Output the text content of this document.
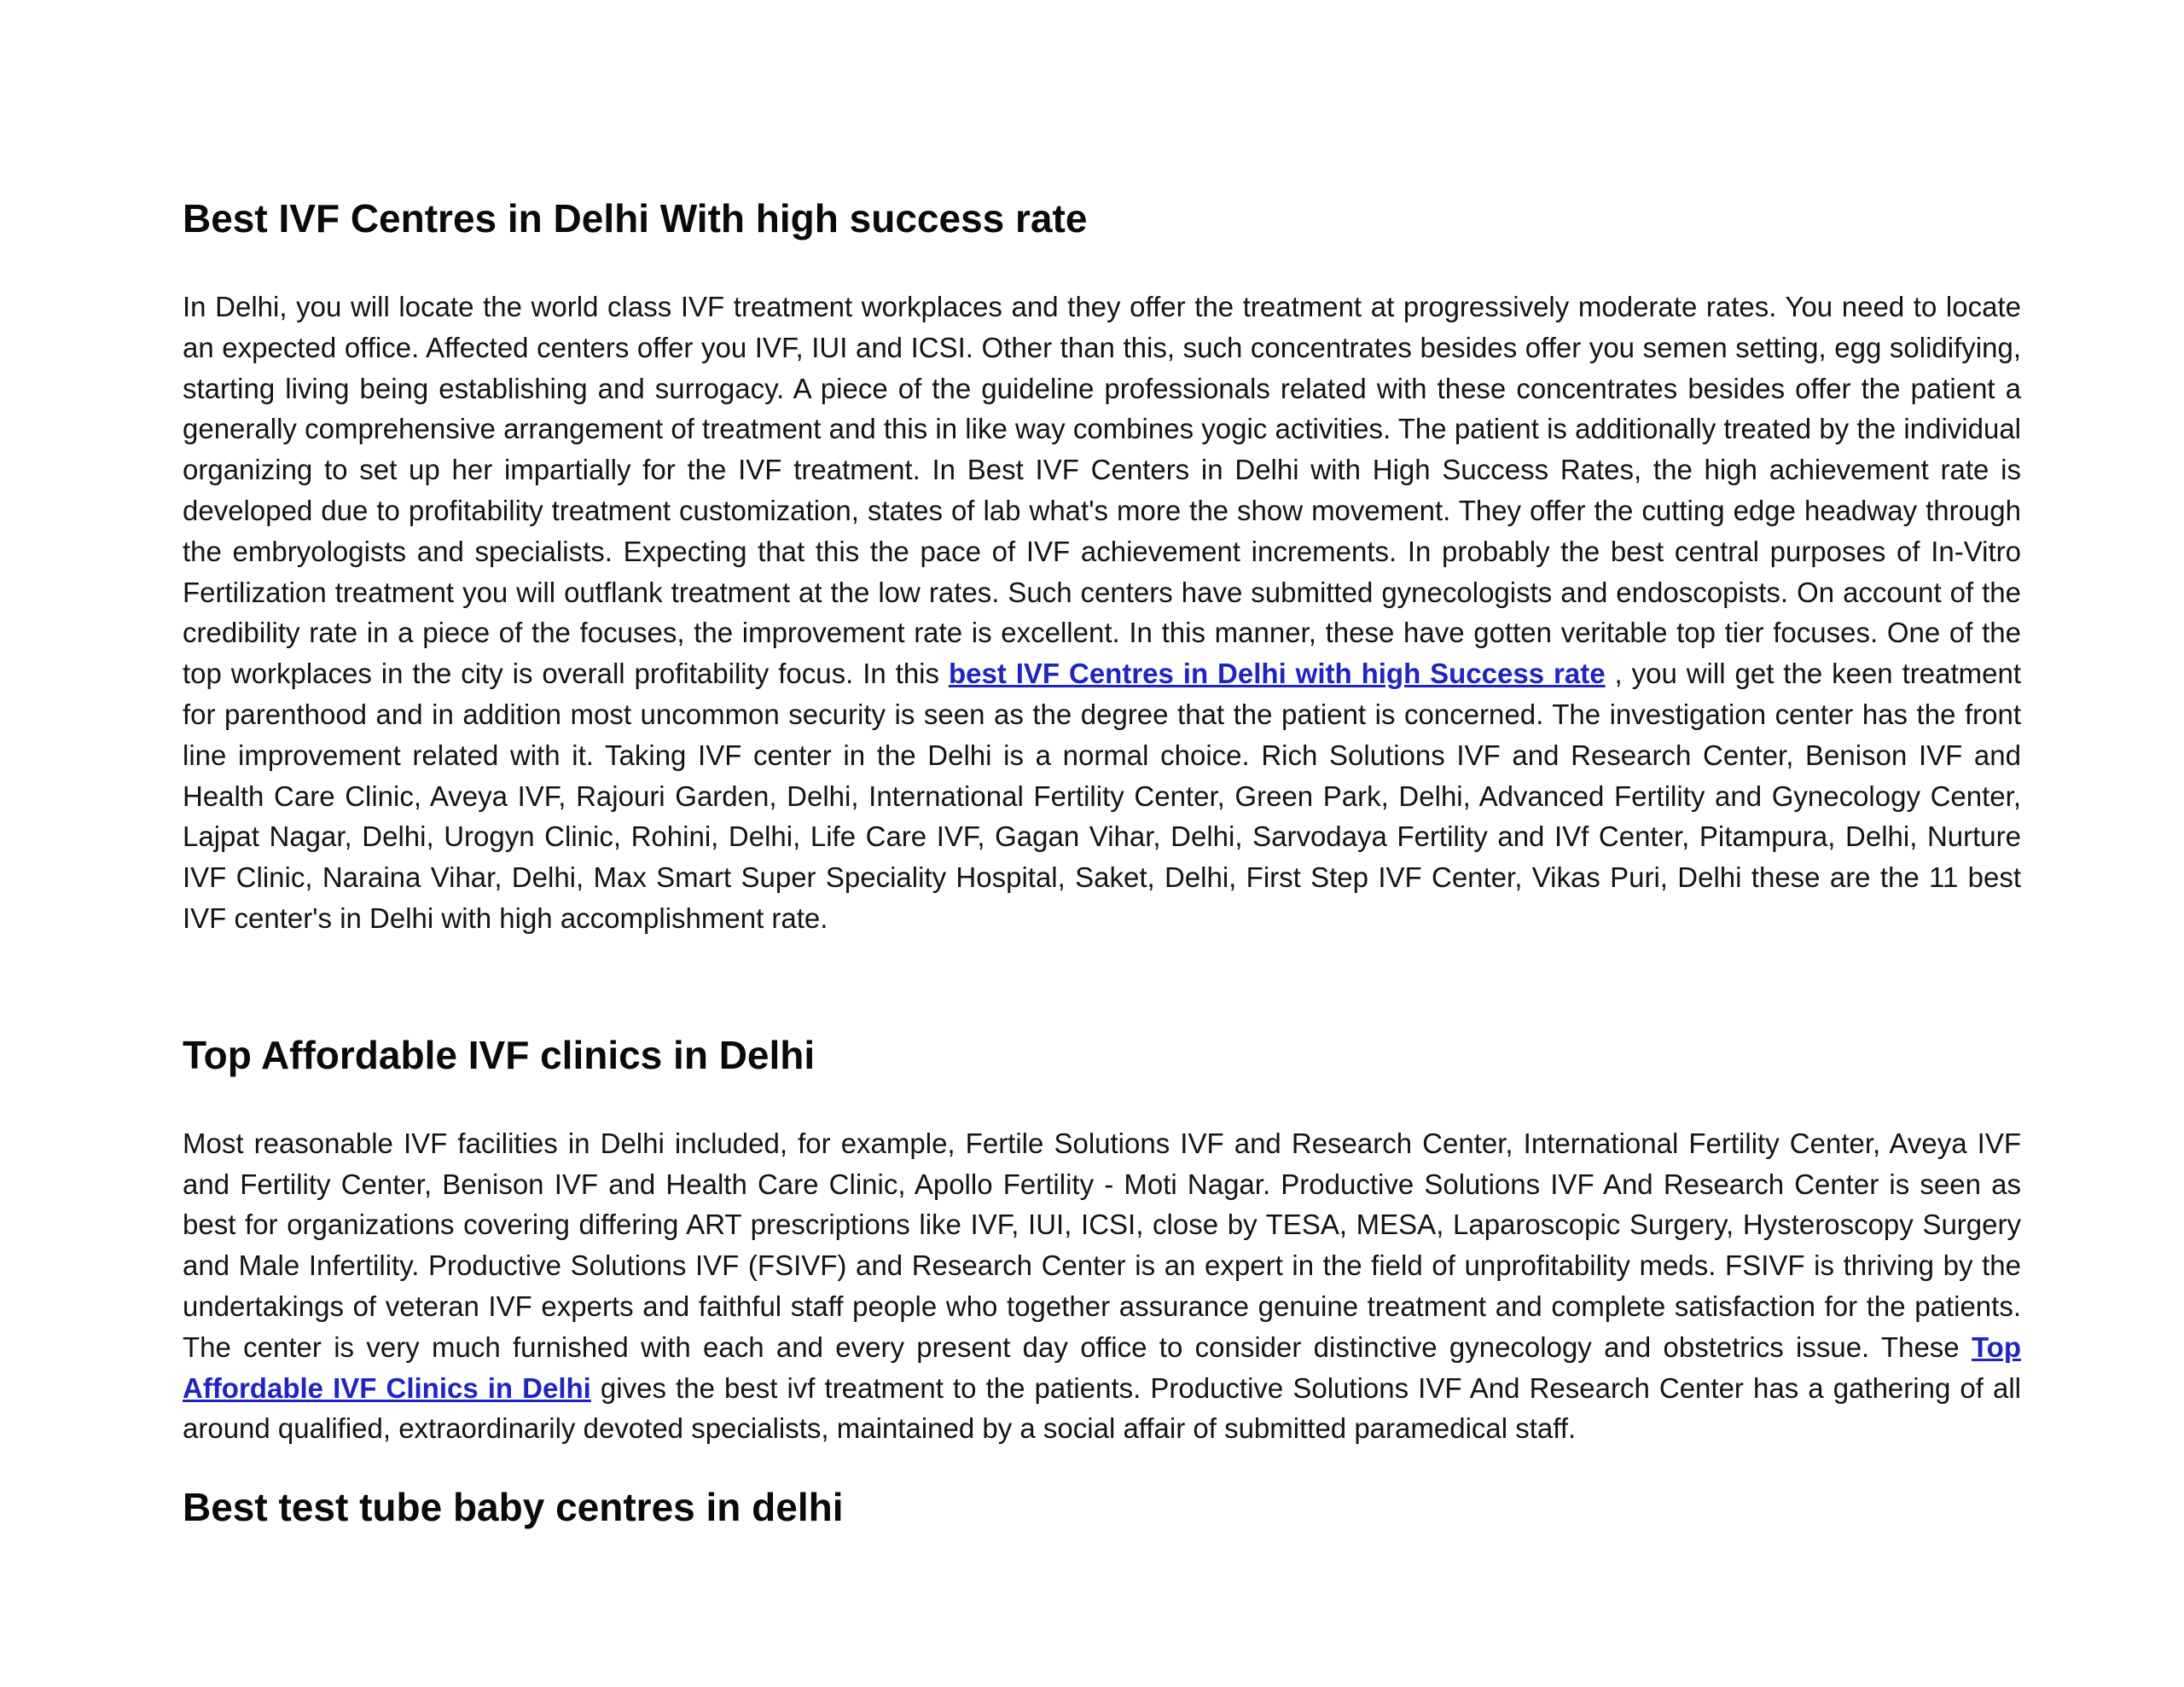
Best IVF Centres in Delhi With high success rate

In Delhi, you will locate the world class IVF treatment workplaces and they offer the treatment at progressively moderate rates. You need to locate an expected office. Affected centers offer you IVF, IUI and ICSI. Other than this, such concentrates besides offer you semen setting, egg solidifying, starting living being establishing and surrogacy. A piece of the guideline professionals related with these concentrates besides offer the patient a generally comprehensive arrangement of treatment and this in like way combines yogic activities. The patient is additionally treated by the individual organizing to set up her impartially for the IVF treatment. In Best IVF Centers in Delhi with High Success Rates, the high achievement rate is developed due to profitability treatment customization, states of lab what's more the show movement. They offer the cutting edge headway through the embryologists and specialists. Expecting that this the pace of IVF achievement increments. In probably the best central purposes of In-Vitro Fertilization treatment you will outflank treatment at the low rates. Such centers have submitted gynecologists and endoscopists. On account of the credibility rate in a piece of the focuses, the improvement rate is excellent. In this manner, these have gotten veritable top tier focuses. One of the top workplaces in the city is overall profitability focus. In this best IVF Centres in Delhi with high Success rate , you will get the keen treatment for parenthood and in addition most uncommon security is seen as the degree that the patient is concerned. The investigation center has the front line improvement related with it. Taking IVF center in the Delhi is a normal choice. Rich Solutions IVF and Research Center, Benison IVF and Health Care Clinic, Aveya IVF, Rajouri Garden, Delhi, International Fertility Center, Green Park, Delhi, Advanced Fertility and Gynecology Center, Lajpat Nagar, Delhi, Urogyn Clinic, Rohini, Delhi, Life Care IVF, Gagan Vihar, Delhi, Sarvodaya Fertility and IVf Center, Pitampura, Delhi, Nurture IVF Clinic, Naraina Vihar, Delhi, Max Smart Super Speciality Hospital, Saket, Delhi, First Step IVF Center, Vikas Puri, Delhi these are the 11 best IVF center's in Delhi with high accomplishment rate.

Top Affordable IVF clinics in Delhi

Most reasonable IVF facilities in Delhi included, for example, Fertile Solutions IVF and Research Center, International Fertility Center, Aveya IVF and Fertility Center, Benison IVF and Health Care Clinic, Apollo Fertility - Moti Nagar. Productive Solutions IVF And Research Center is seen as best for organizations covering differing ART prescriptions like IVF, IUI, ICSI, close by TESA, MESA, Laparoscopic Surgery, Hysteroscopy Surgery and Male Infertility. Productive Solutions IVF (FSIVF) and Research Center is an expert in the field of unprofitability meds. FSIVF is thriving by the undertakings of veteran IVF experts and faithful staff people who together assurance genuine treatment and complete satisfaction for the patients. The center is very much furnished with each and every present day office to consider distinctive gynecology and obstetrics issue. These Top Affordable IVF Clinics in Delhi gives the best ivf treatment to the patients. Productive Solutions IVF And Research Center has a gathering of all around qualified, extraordinarily devoted specialists, maintained by a social affair of submitted paramedical staff.

Best test tube baby centres in delhi
